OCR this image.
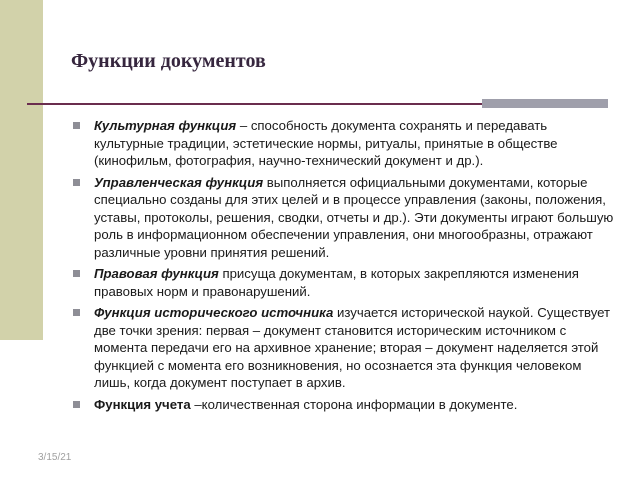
Функции документов
Культурная функция – способность документа сохранять и передавать культурные традиции, эстетические нормы, ритуалы, принятые в обществе (кинофильм, фотография, научно-технический документ и др.).
Управленческая функция выполняется официальными документами, которые специально созданы для этих целей и в процессе управления (законы, положения, уставы, протоколы, решения, сводки, отчеты и др.). Эти документы играют большую роль в информационном обеспечении управления, они многообразны, отражают различные уровни принятия решений.
Правовая функция присуща документам, в которых закрепляются изменения правовых норм и правонарушений.
Функция исторического источника изучается исторической наукой. Существует две точки зрения: первая – документ становится историческим источником с момента передачи его на архивное хранение; вторая – документ наделяется этой функцией с момента его возникновения, но осознается эта функция человеком лишь, когда документ поступает в архив.
Функция учета –количественная сторона информации в документе.
3/15/21
